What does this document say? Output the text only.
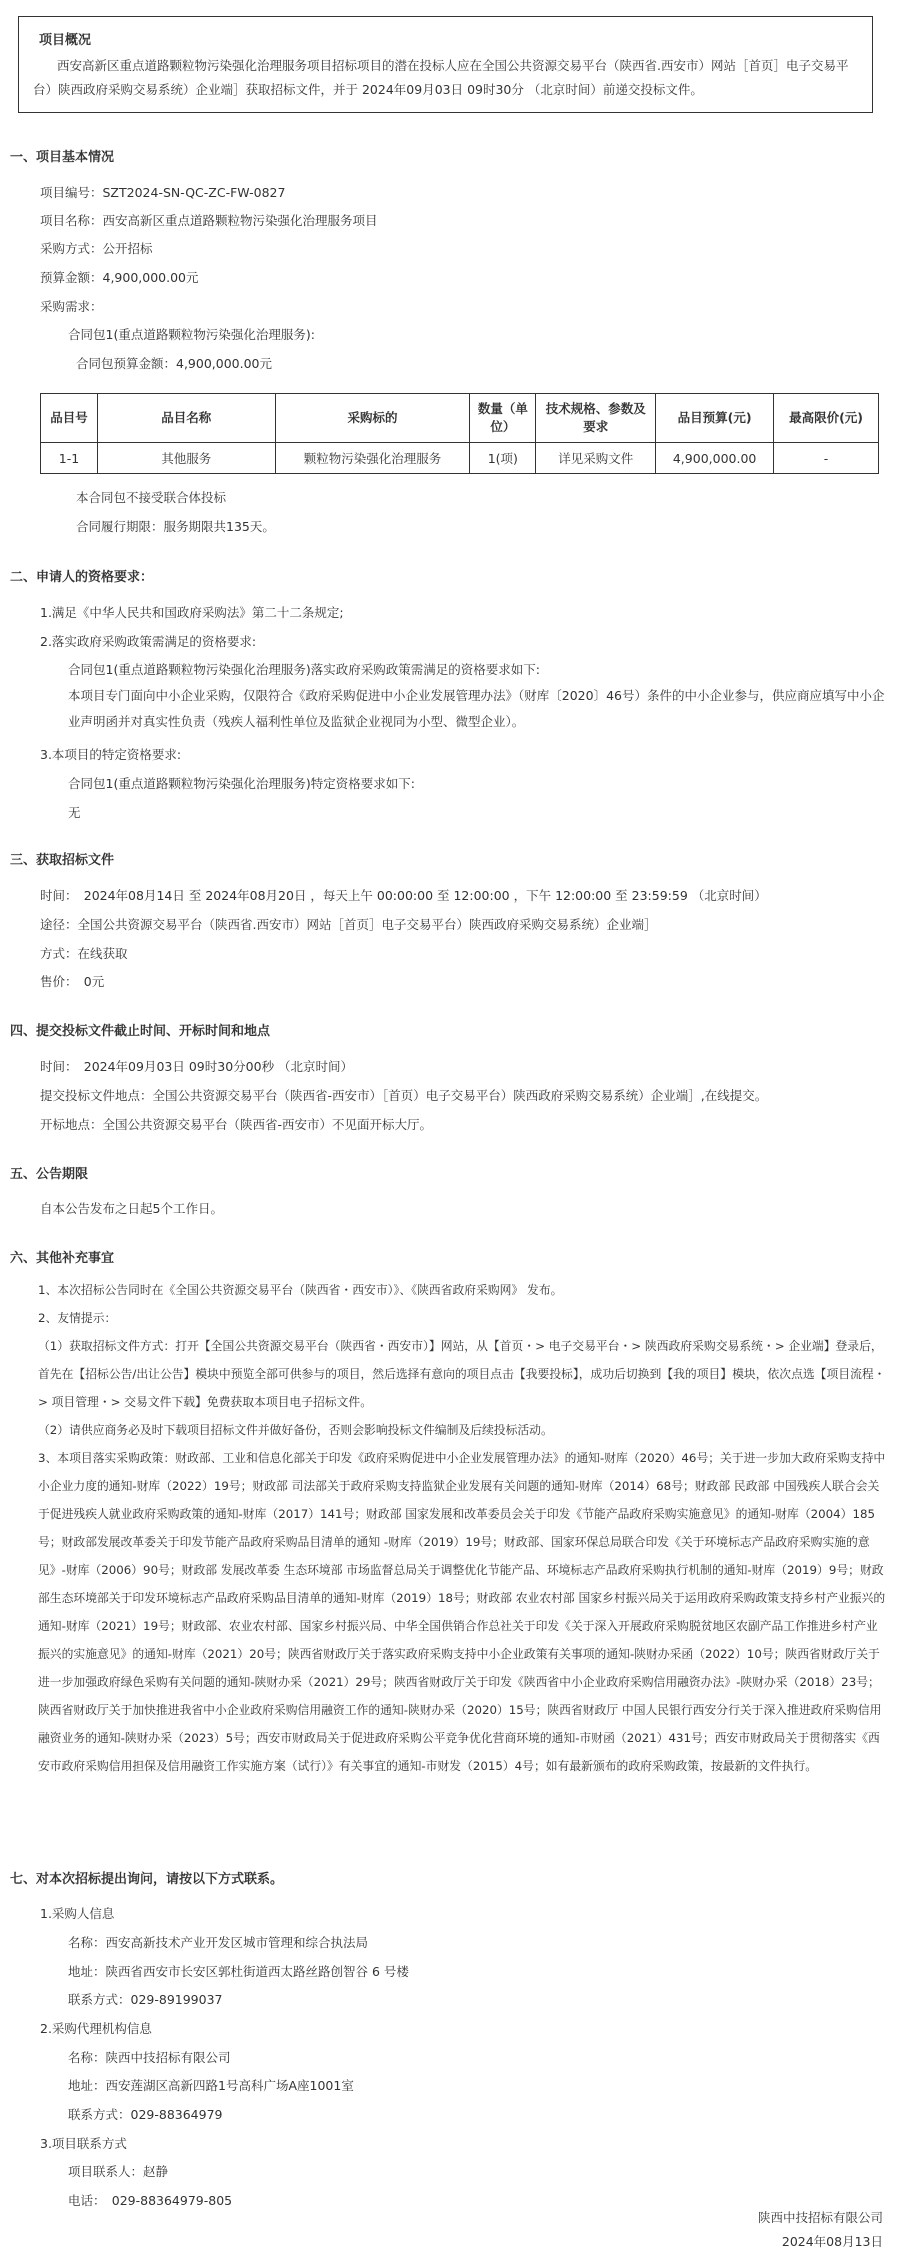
项目概况
西安高新区重点道路颗粒物污染强化治理服务项目招标项目的潜在投标人应在全国公共资源交易平台（陕西省.西安市）网站［首页］电子交易平台）陕西政府采购交易系统）企业端］获取招标文件，并于 2024年09月03日 09时30分 （北京时间）前递交投标文件。
一、项目基本情况
项目编号：SZT2024-SN-QC-ZC-FW-0827
项目名称：西安高新区重点道路颗粒物污染强化治理服务项目
采购方式：公开招标
预算金额：4,900,000.00元
采购需求：
合同包1(重点道路颗粒物污染强化治理服务):
合同包预算金额：4,900,000.00元
品目号	品目名称	采购标的	数量（单位）	技术规格、参数及要求	品目预算(元)	最高限价(元)
1-1	其他服务	颗粒物污染强化治理服务	1(项)	详见采购文件	4,900,000.00	-
本合同包不接受联合体投标
合同履行期限：服务期限共135天。
二、申请人的资格要求：
1.满足《中华人民共和国政府采购法》第二十二条规定;
2.落实政府采购政策需满足的资格要求:
合同包1(重点道路颗粒物污染强化治理服务)落实政府采购政策需满足的资格要求如下:
本项目专门面向中小企业采购，仅限符合《政府采购促进中小企业发展管理办法》（财库〔2020〕46号）条件的中小企业参与，供应商应填写中小企业声明函并对真实性负责（残疾人福利性单位及监狱企业视同为小型、微型企业）。
3.本项目的特定资格要求:
合同包1(重点道路颗粒物污染强化治理服务)特定资格要求如下:
无
三、获取招标文件
时间：　2024年08月14日 至 2024年08月20日 ，每天上午 00:00:00 至 12:00:00 ，下午 12:00:00 至 23:59:59 （北京时间）
途径：全国公共资源交易平台（陕西省.西安市）网站［首页］电子交易平台）陕西政府采购交易系统）企业端］
方式：在线获取
售价：　0元
四、提交投标文件截止时间、开标时间和地点
时间：　2024年09月03日 09时30分00秒 （北京时间）
提交投标文件地点：全国公共资源交易平台（陕西省-西安市）［首页）电子交易平台）陕西政府采购交易系统）企业端］,在线提交。
开标地点：全国公共资源交易平台（陕西省-西安市）不见面开标大厅。
五、公告期限
自本公告发布之日起5个工作日。
六、其他补充事宜
1、本次招标公告同时在《全国公共资源交易平台（陕西省・西安市）》、《陕西省政府采购网》 发布。
2、友情提示：
（1）获取招标文件方式：打开【全国公共资源交易平台（陕西省・西安市）】网站，从【首页・> 电子交易平台・> 陕西政府采购交易系统・> 企业端】登录后，首先在【招标公告/出让公告】模块中预览全部可供参与的项目，然后选择有意向的项目点击【我要投标】，成功后切换到【我的项目】模块，依次点选【项目流程・> 项目管理・> 交易文件下载】免费获取本项目电子招标文件。
（2）请供应商务必及时下载项目招标文件并做好备份，否则会影响投标文件编制及后续投标活动。
3、本项目落实采购政策：财政部、工业和信息化部关于印发《政府采购促进中小企业发展管理办法》的通知-财库（2020）46号；关于进一步加大政府采购支持中小企业力度的通知-财库（2022）19号；财政部 司法部关于政府采购支持监狱企业发展有关问题的通知-财库（2014）68号；财政部 民政部 中国残疾人联合会关于促进残疾人就业政府采购政策的通知-财库（2017）141号；财政部 国家发展和改革委员会关于印发《节能产品政府采购实施意见》的通知-财库（2004）185号；财政部发展改革委关于印发节能产品政府采购品目清单的通知 -财库（2019）19号；财政部、国家环保总局联合印发《关于环境标志产品政府采购实施的意见》-财库（2006）90号；财政部 发展改革委 生态环境部 市场监督总局关于调整优化节能产品、环境标志产品政府采购执行机制的通知-财库（2019）9号；财政部生态环境部关于印发环境标志产品政府采购品目清单的通知-财库（2019）18号；财政部 农业农村部 国家乡村振兴局关于运用政府采购政策支持乡村产业振兴的通知-财库（2021）19号；财政部、农业农村部、国家乡村振兴局、中华全国供销合作总社关于印发《关于深入开展政府采购脱贫地区农副产品工作推进乡村产业振兴的实施意见》的通知-财库（2021）20号；陕西省财政厅关于落实政府采购支持中小企业政策有关事项的通知-陕财办采函（2022）10号；陕西省财政厅关于进一步加强政府绿色采购有关问题的通知-陕财办采（2021）29号；陕西省财政厅关于印发《陕西省中小企业政府采购信用融资办法》-陕财办采（2018）23号；陕西省财政厅关于加快推进我省中小企业政府采购信用融资工作的通知-陕财办采（2020）15号；陕西省财政厅 中国人民银行西安分行关于深入推进政府采购信用融资业务的通知-陕财办采（2023）5号；西安市财政局关于促进政府采购公平竞争优化营商环境的通知-市财函（2021）431号；西安市财政局关于贯彻落实《西安市政府采购信用担保及信用融资工作实施方案（试行）》有关事宜的通知-市财发（2015）4号；如有最新颁布的政府采购政策，按最新的文件执行。
七、对本次招标提出询问，请按以下方式联系。
1.采购人信息
名称：西安高新技术产业开发区城市管理和综合执法局
地址：陕西省西安市长安区郭杜街道西太路丝路创智谷 6 号楼
联系方式：029-89199037
2.采购代理机构信息
名称：陕西中技招标有限公司
地址：西安莲湖区高新四路1号高科广场A座1001室
联系方式：029-88364979
3.项目联系方式
项目联系人：赵静
电话：　029-88364979-805
陕西中技招标有限公司
2024年08月13日
